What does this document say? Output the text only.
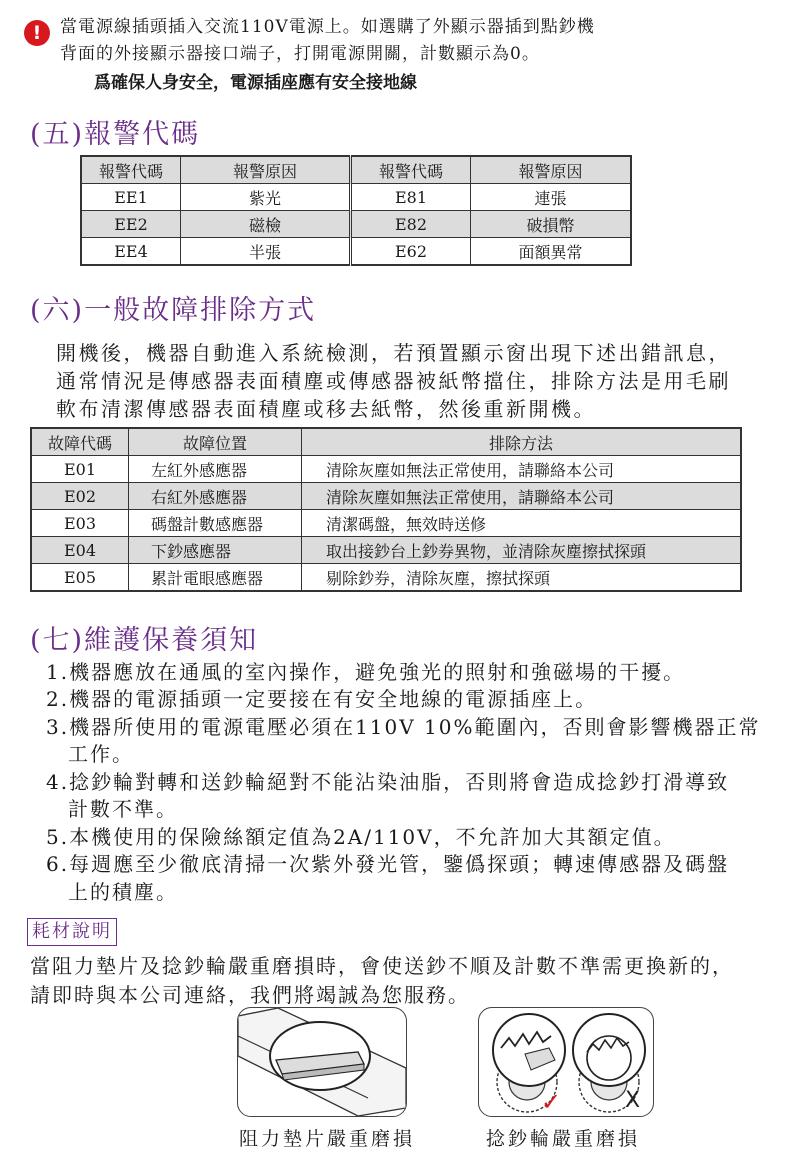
!	當電源線插頭插入交流110V電源上。如選購了外顯示器插到點鈔機
背面的外接顯示器接口端子，打開電源開關，計數顯示為0。
爲確保人身安全，電源插座應有安全接地線
(五)報警代碼
報警代碼	報警原因	報警代碼	報警原因
EE1	紫光	E81	連張
EE2	磁檢	E82	破損幣
EE4	半張	E62	面額異常
(六)一般故障排除方式
開機後，機器自動進入系統檢測，若預置顯示窗出現下述出錯訊息，
通常情況是傳感器表面積塵或傳感器被紙幣擋住，排除方法是用毛刷
軟布清潔傳感器表面積塵或移去紙幣，然後重新開機。
故障代碼	故障位置	排除方法
E01	左紅外感應器	清除灰塵如無法正常使用，請聯絡本公司
E02	右紅外感應器	清除灰塵如無法正常使用，請聯絡本公司
E03	碼盤計數感應器	清潔碼盤，無效時送修
E04	下鈔感應器	取出接鈔台上鈔券異物，並清除灰塵擦拭探頭
E05	累計電眼感應器	剔除鈔券，清除灰塵，擦拭探頭
(七)維護保養須知
1.機器應放在通風的室內操作，避免強光的照射和強磁場的干擾。
2.機器的電源插頭一定要接在有安全地線的電源插座上。
3.機器所使用的電源電壓必須在110V 10%範圍內，否則會影響機器正常
工作。
4.捻鈔輪對轉和送鈔輪絕對不能沾染油脂，否則將會造成捻鈔打滑導致
計數不準。
5.本機使用的保險絲額定值為2A/110V，不允許加大其額定值。
6.每週應至少徹底清掃一次紫外發光管，鑒僞探頭；轉速傳感器及碼盤
上的積塵。
耗材說明
當阻力墊片及捻鈔輪嚴重磨損時，會使送鈔不順及計數不準需更換新的，
請即時與本公司連絡，我們將竭誠為您服務。
✓	X
阻力墊片嚴重磨損	捻鈔輪嚴重磨損
